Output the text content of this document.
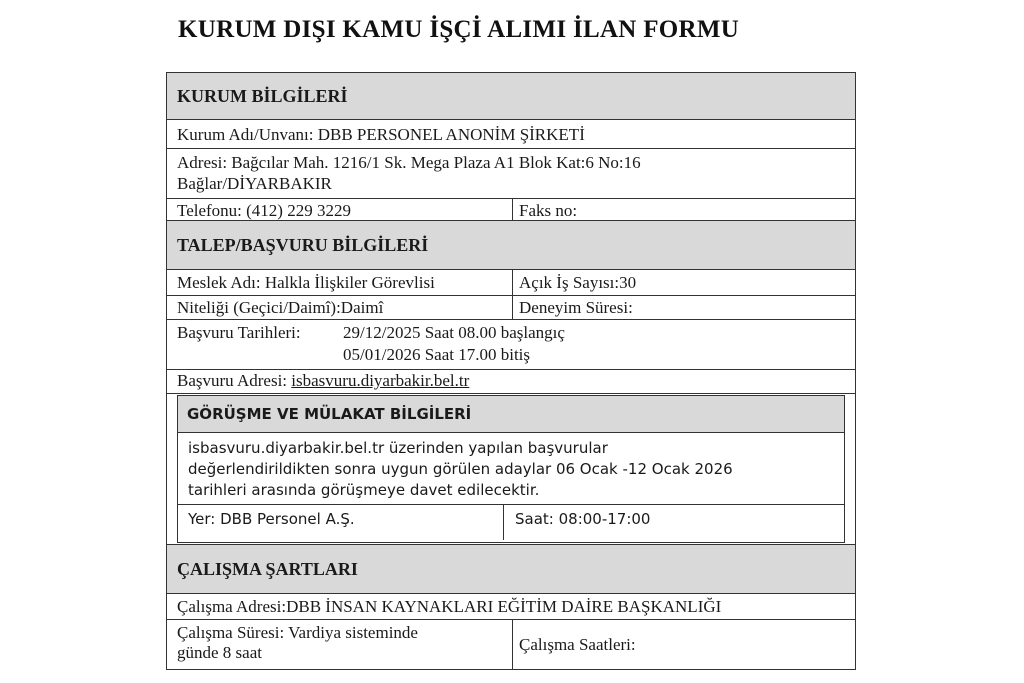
KURUM DIŞI KAMU İŞÇİ ALIMI İLAN FORMU
KURUM BİLGİLERİ
Kurum Adı/Unvanı: DBB PERSONEL ANONİM ŞİRKETİ
Adresi: Bağcılar Mah. 1216/1 Sk. Mega Plaza A1 Blok Kat:6 No:16
Bağlar/DİYARBAKIR
Telefonu: (412) 229 3229	Faks no:
TALEP/BAŞVURU BİLGİLERİ
Meslek Adı: Halkla İlişkiler Görevlisi	Açık İş Sayısı:30
Niteliği (Geçici/Daimî):Daimî	Deneyim Süresi:
Başvuru Tarihleri: 29/12/2025 Saat 08.00 başlangıç
05/01/2026 Saat 17.00 bitiş
Başvuru Adresi: isbasvuru.diyarbakir.bel.tr
GÖRÜŞME VE MÜLAKAT BİLGİLERİ
isbasvuru.diyarbakir.bel.tr üzerinden yapılan başvurular
değerlendirildikten sonra uygun görülen adaylar 06 Ocak -12 Ocak 2026
tarihleri arasında görüşmeye davet edilecektir.
Yer: DBB Personel A.Ş.	Saat: 08:00-17:00
ÇALIŞMA ŞARTLARI
Çalışma Adresi:DBB İNSAN KAYNAKLARI EĞİTİM DAİRE BAŞKANLIĞI
Çalışma Süresi: Vardiya sisteminde
günde 8 saat	Çalışma Saatleri:
